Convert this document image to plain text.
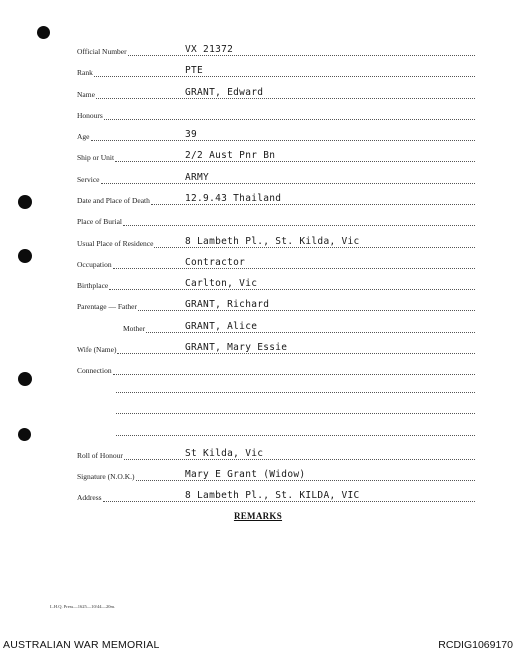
Official Number	VX 21372
Rank	PTE
Name	GRANT, Edward
Honours
Age	39
Ship or Unit	2/2 Aust Pnr Bn
Service	ARMY
Date and Place of Death	12.9.43 Thailand
Place of Burial
Usual Place of Residence	8 Lambeth Pl., St. Kilda, Vic
Occupation	Contractor
Birthplace	Carlton, Vic
Parentage — Father	GRANT, Richard
Mother	GRANT, Alice
Wife (Name)	GRANT, Mary Essie
Connection
Roll of Honour	St Kilda, Vic
Signature (N.O.K.)	Mary E Grant (Widow)
Address	8 Lambeth Pl., St. KILDA, VIC
REMARKS
L.H.Q. Press—1625—10/44—20m.
AUSTRALIAN WAR MEMORIAL	RCDIG1069170
